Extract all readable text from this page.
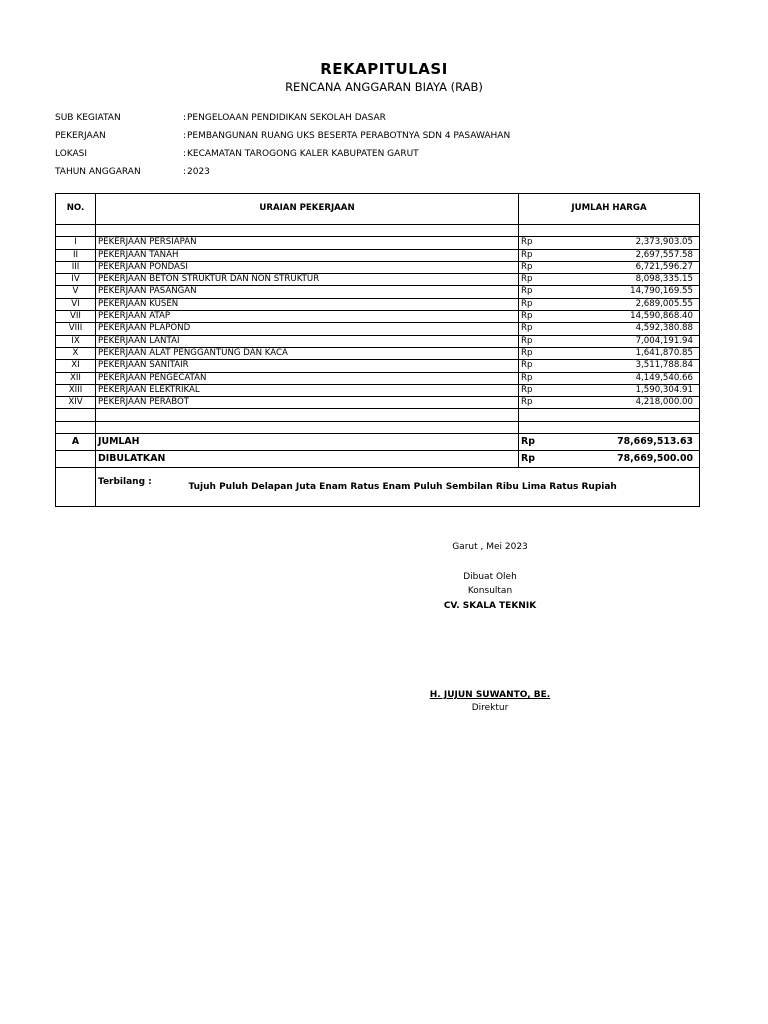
REKAPITULASI
RENCANA ANGGARAN BIAYA (RAB)
SUB KEGIATAN	: PENGELOAAN PENDIDIKAN SEKOLAH DASAR
PEKERJAAN	: PEMBANGUNAN RUANG UKS BESERTA PERABOTNYA SDN 4 PASAWAHAN
LOKASI	: KECAMATAN TAROGONG KALER KABUPATEN GARUT
TAHUN ANGGARAN	: 2023
NO.	URAIAN PEKERJAAN	JUMLAH HARGA	

I	PEKERJAAN PERSIAPAN	Rp	2,373,903.05
II	PEKERJAAN TANAH	Rp	2,697,557.58
III	PEKERJAAN PONDASI	Rp	6,721,596.27
IV	PEKERJAAN BETON STRUKTUR DAN NON STRUKTUR	Rp	8,098,335.15
V	PEKERJAAN PASANGAN	Rp	14,790,169.55
VI	PEKERJAAN KUSEN	Rp	2,689,005.55
VII	PEKERJAAN ATAP	Rp	14,590,868.40
VIII	PEKERJAAN PLAPOND	Rp	4,592,380.88
IX	PEKERJAAN LANTAI	Rp	7,004,191.94
X	PEKERJAAN ALAT PENGGANTUNG DAN KACA	Rp	1,641,870.85
XI	PEKERJAAN SANITAIR	Rp	3,511,788.84
XII	PEKERJAAN PENGECATAN	Rp	4,149,540.66
XIII	PEKERJAAN ELEKTRIKAL	Rp	1,590,304.91
XIV	PEKERJAAN PERABOT	Rp	4,218,000.00

A	JUMLAH	Rp	78,669,513.63
	DIBULATKAN	Rp	78,669,500.00
	Terbilang : Tujuh Puluh Delapan Juta Enam Ratus Enam Puluh Sembilan Ribu Lima Ratus Rupiah		
Garut , Mei 2023
Dibuat Oleh
Konsultan
CV. SKALA TEKNIK
H. JUJUN SUWANTO, BE.
Direktur
